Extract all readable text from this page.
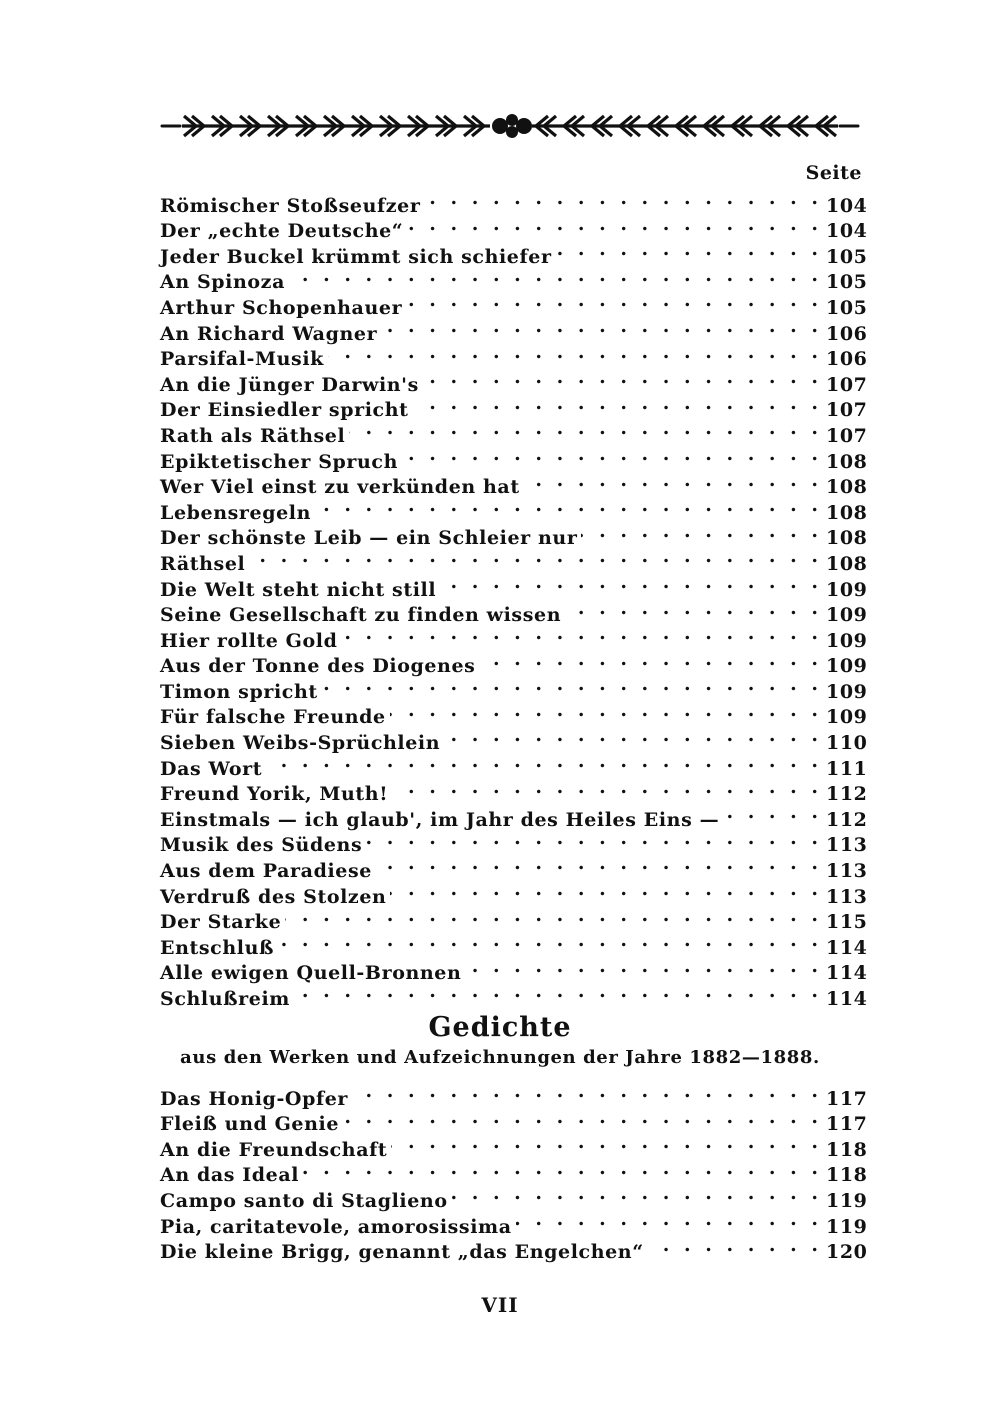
Seite
Römischer Stoßseufzer . . .	104
Der „echte Deutsche“ . . .	104
Jeder Buckel krümmt sich schiefer . . .	105
An Spinoza . . .	105
Arthur Schopenhauer . . .	105
An Richard Wagner . . .	106
Parsifal-Musik . . .	106
An die Jünger Darwin's . . .	107
Der Einsiedler spricht . . .	107
Rath als Räthsel . . .	107
Epiktetischer Spruch . . .	108
Wer Viel einst zu verkünden hat . . .	108
Lebensregeln . . .	108
Der schönste Leib — ein Schleier nur . . .	108
Räthsel . . .	108
Die Welt steht nicht still . . .	109
Seine Gesellschaft zu finden wissen . . .	109
Hier rollte Gold . . .	109
Aus der Tonne des Diogenes . . .	109
Timon spricht . . .	109
Für falsche Freunde . . .	109
Sieben Weibs-Sprüchlein . . .	110
Das Wort . . .	111
Freund Yorik, Muth! . . .	112
Einstmals — ich glaub', im Jahr des Heiles Eins — . . .	112
Musik des Südens . . .	113
Aus dem Paradiese . . .	113
Verdruß des Stolzen . . .	113
Der Starke . . .	115
Entschluß . . .	114
Alle ewigen Quell-Bronnen . . .	114
Schlußreim . . .	114
Gedichte
aus den Werken und Aufzeichnungen der Jahre 1882—1888.
Das Honig-Opfer . . .	117
Fleiß und Genie . . .	117
An die Freundschaft . . .	118
An das Ideal . . .	118
Campo santo di Staglieno . . .	119
Pia, caritatevole, amorosissima . . .	119
Die kleine Brigg, genannt „das Engelchen“ . . .	120
VII
